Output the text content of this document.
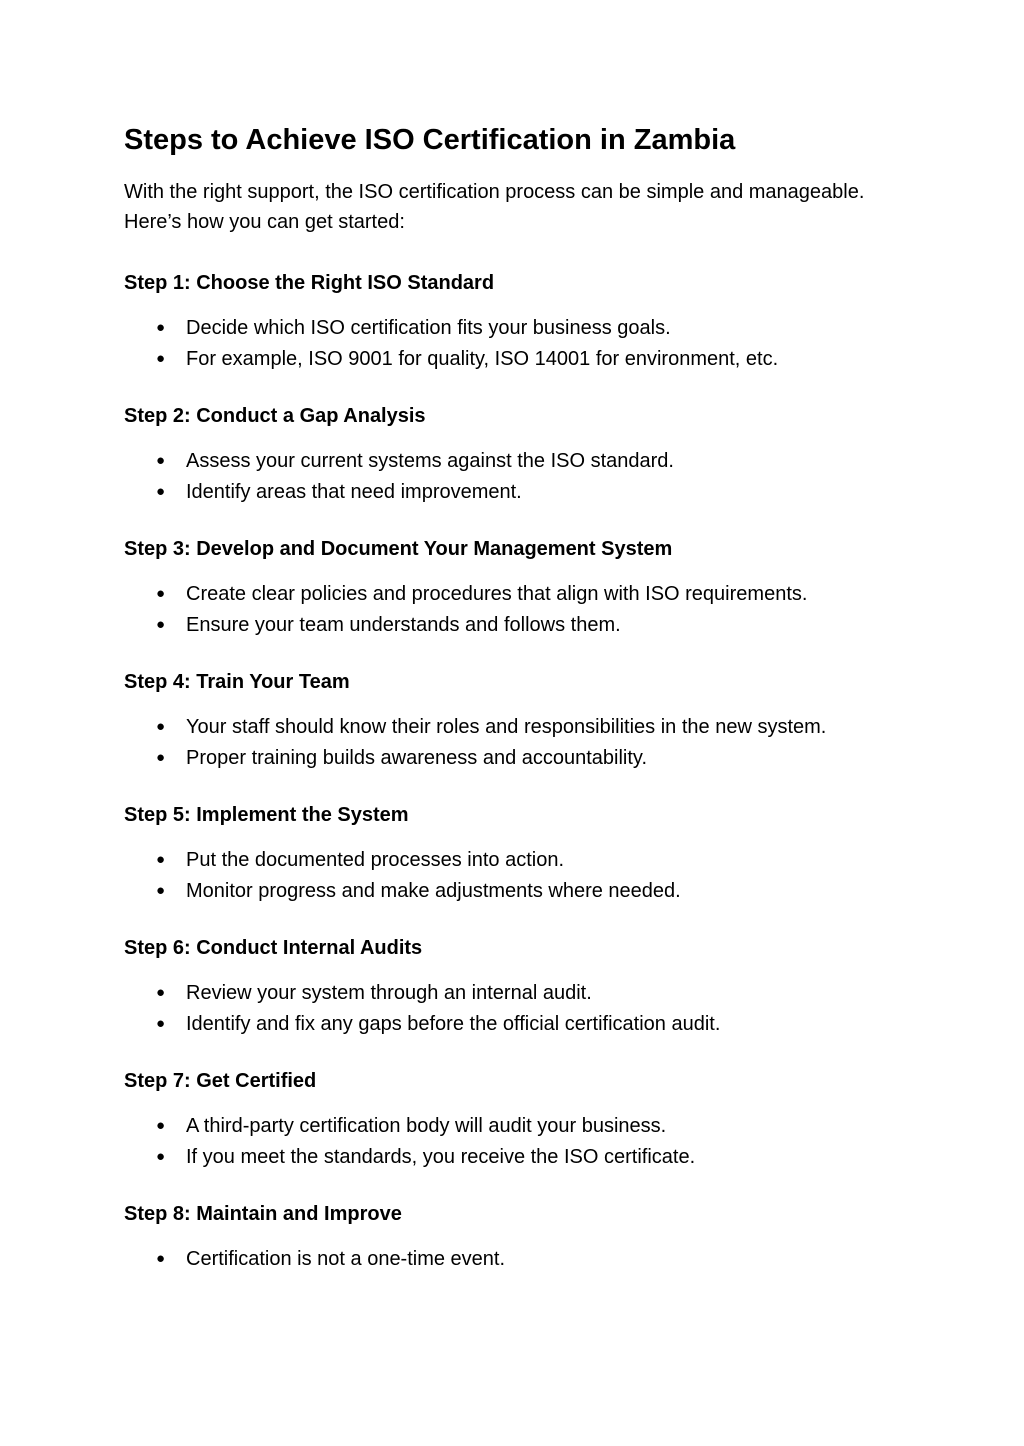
Steps to Achieve ISO Certification in Zambia

With the right support, the ISO certification process can be simple and manageable. Here’s how you can get started:

Step 1: Choose the Right ISO Standard
● Decide which ISO certification fits your business goals.
● For example, ISO 9001 for quality, ISO 14001 for environment, etc.
Step 2: Conduct a Gap Analysis
● Assess your current systems against the ISO standard.
● Identify areas that need improvement.
Step 3: Develop and Document Your Management System
● Create clear policies and procedures that align with ISO requirements.
● Ensure your team understands and follows them.
Step 4: Train Your Team
● Your staff should know their roles and responsibilities in the new system.
● Proper training builds awareness and accountability.
Step 5: Implement the System
● Put the documented processes into action.
● Monitor progress and make adjustments where needed.
Step 6: Conduct Internal Audits
● Review your system through an internal audit.
● Identify and fix any gaps before the official certification audit.
Step 7: Get Certified
● A third-party certification body will audit your business.
● If you meet the standards, you receive the ISO certificate.
Step 8: Maintain and Improve
● Certification is not a one-time event.
